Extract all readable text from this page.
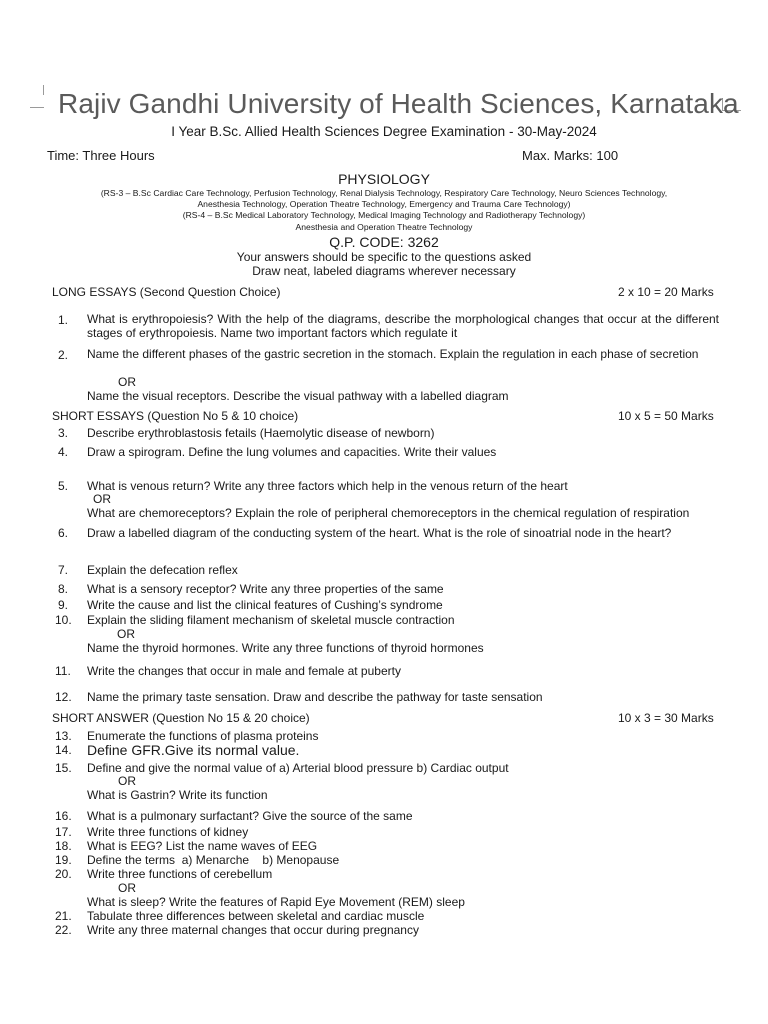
Rajiv Gandhi University of Health Sciences, Karnataka
I Year B.Sc. Allied Health Sciences Degree Examination - 30-May-2024
Time: Three Hours	Max. Marks: 100
PHYSIOLOGY
(RS-3 – B.Sc Cardiac Care Technology, Perfusion Technology, Renal Dialysis Technology, Respiratory Care Technology, Neuro Sciences Technology,
Anesthesia Technology, Operation Theatre Technology, Emergency and Trauma Care Technology)
(RS-4 – B.Sc Medical Laboratory Technology, Medical Imaging Technology and Radiotherapy Technology)
Anesthesia and Operation Theatre Technology
Q.P. CODE: 3262
Your answers should be specific to the questions asked
Draw neat, labeled diagrams wherever necessary
LONG ESSAYS (Second Question Choice)	2 x 10 = 20 Marks
1. What is erythropoiesis? With the help of the diagrams, describe the morphological changes that occur at the different stages of erythropoiesis. Name two important factors which regulate it
2. Name the different phases of the gastric secretion in the stomach. Explain the regulation in each phase of secretion
OR
Name the visual receptors. Describe the visual pathway with a labelled diagram
SHORT ESSAYS (Question No 5 & 10 choice)	10 x 5 = 50 Marks
3. Describe erythroblastosis fetails (Haemolytic disease of newborn)
4. Draw a spirogram. Define the lung volumes and capacities. Write their values
5. What is venous return? Write any three factors which help in the venous return of the heart
OR
What are chemoreceptors? Explain the role of peripheral chemoreceptors in the chemical regulation of respiration
6. Draw a labelled diagram of the conducting system of the heart. What is the role of sinoatrial node in the heart?
7. Explain the defecation reflex
8. What is a sensory receptor? Write any three properties of the same
9. Write the cause and list the clinical features of Cushing’s syndrome
10. Explain the sliding filament mechanism of skeletal muscle contraction
OR
Name the thyroid hormones. Write any three functions of thyroid hormones
11. Write the changes that occur in male and female at puberty
12. Name the primary taste sensation. Draw and describe the pathway for taste sensation
SHORT ANSWER (Question No 15 & 20 choice)	10 x 3 = 30 Marks
13. Enumerate the functions of plasma proteins
14. Define GFR.Give its normal value.
15. Define and give the normal value of a) Arterial blood pressure b) Cardiac output
OR
What is Gastrin? Write its function
16. What is a pulmonary surfactant? Give the source of the same
17. Write three functions of kidney
18. What is EEG? List the name waves of EEG
19. Define the terms  a) Menarche    b) Menopause
20. Write three functions of cerebellum
OR
What is sleep? Write the features of Rapid Eye Movement (REM) sleep
21. Tabulate three differences between skeletal and cardiac muscle
22. Write any three maternal changes that occur during pregnancy
